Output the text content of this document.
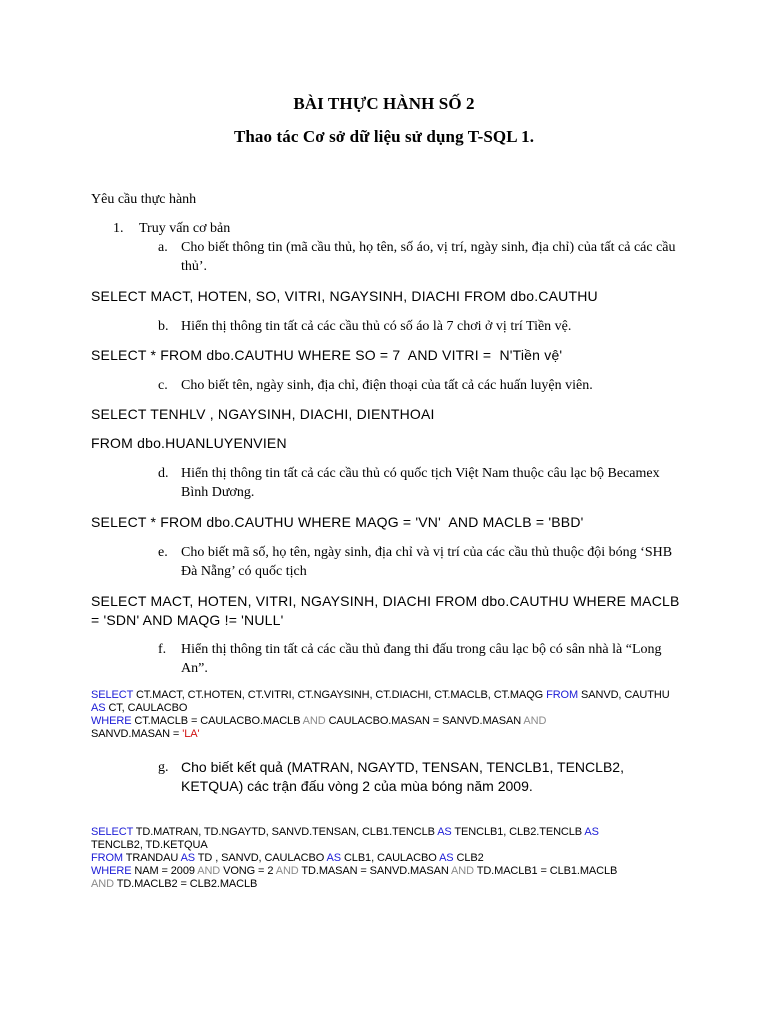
BÀI THỰC HÀNH SỐ 2
Thao tác Cơ sở dữ liệu sử dụng T-SQL 1.
Yêu cầu thực hành
1. Truy vấn cơ bản
a. Cho biết thông tin (mã cầu thủ, họ tên, số áo, vị trí, ngày sinh, địa chỉ) của tất cả các cầu thủ’.
SELECT MACT, HOTEN, SO, VITRI, NGAYSINH, DIACHI FROM dbo.CAUTHU
b. Hiển thị thông tin tất cả các cầu thủ có số áo là 7 chơi ở vị trí Tiền vệ.
SELECT * FROM dbo.CAUTHU WHERE SO = 7  AND VITRI =  N'Tiền vệ'
c. Cho biết tên, ngày sinh, địa chỉ, điện thoại của tất cả các huấn luyện viên.
SELECT TENHLV , NGAYSINH, DIACHI, DIENTHOAI
FROM dbo.HUANLUYENVIEN
d. Hiển thị thông tin tất cả các cầu thủ có quốc tịch Việt Nam thuộc câu lạc bộ Becamex Bình Dương.
SELECT * FROM dbo.CAUTHU WHERE MAQG = 'VN'  AND MACLB = 'BBD'
e. Cho biết mã số, họ tên, ngày sinh, địa chỉ và vị trí của các cầu thủ thuộc đội bóng ‘SHB Đà Nẵng’ có quốc tịch
SELECT MACT, HOTEN, VITRI, NGAYSINH, DIACHI FROM dbo.CAUTHU WHERE MACLB = 'SDN' AND MAQG != 'NULL'
f. Hiển thị thông tin tất cả các cầu thủ đang thi đấu trong câu lạc bộ có sân nhà là “Long An”.
SELECT CT.MACT, CT.HOTEN, CT.VITRI, CT.NGAYSINH, CT.DIACHI, CT.MACLB, CT.MAQG FROM SANVD, CAUTHU AS CT, CAULACBO
WHERE CT.MACLB = CAULACBO.MACLB AND CAULACBO.MASAN = SANVD.MASAN AND
SANVD.MASAN = 'LA'
g. Cho biết kết quả (MATRAN, NGAYTD, TENSAN, TENCLB1, TENCLB2, KETQUA) các trận đấu vòng 2 của mùa bóng năm 2009.
SELECT TD.MATRAN, TD.NGAYTD, SANVD.TENSAN, CLB1.TENCLB AS TENCLB1, CLB2.TENCLB AS
TENCLB2, TD.KETQUA
FROM TRANDAU AS TD , SANVD, CAULACBO AS CLB1, CAULACBO AS CLB2
WHERE NAM = 2009 AND VONG = 2 AND TD.MASAN = SANVD.MASAN AND TD.MACLB1 = CLB1.MACLB
AND TD.MACLB2 = CLB2.MACLB
